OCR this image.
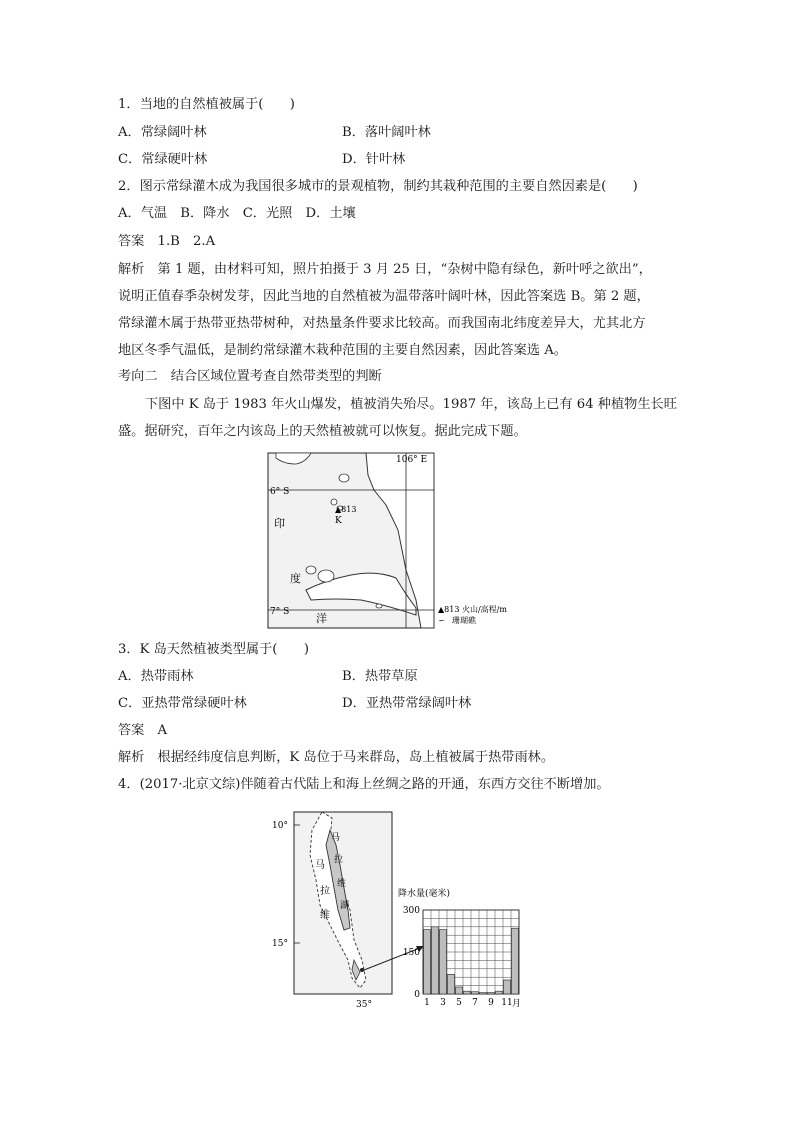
1．当地的自然植被属于(　　)
A．常绿阔叶林	B．落叶阔叶林
C．常绿硬叶林	D．针叶林
2．图示常绿灌木成为我国很多城市的景观植物，制约其栽种范围的主要自然因素是(　　)
A．气温　B．降水　C．光照　D．土壤
答案　1.B　2.A
解析　第 1 题，由材料可知，照片拍摄于 3 月 25 日，“杂树中隐有绿色，新叶呼之欲出”，
说明正值春季杂树发芽，因此当地的自然植被为温带落叶阔叶林，因此答案选 B。第 2 题，
常绿灌木属于热带亚热带树种，对热量条件要求比较高。而我国南北纬度差异大，尤其北方
地区冬季气温低，是制约常绿灌木栽种范围的主要自然因素，因此答案选 A。
考向二　结合区域位置考查自然带类型的判断
下图中 K 岛于 1983 年火山爆发，植被消失殆尽。1987 年，该岛上已有 64 种植物生长旺
盛。据研究，百年之内该岛上的天然植被就可以恢复。据此完成下题。
106° E
6° S
7° S
▲813
K
印
度
洋
▲813 火山/高程/m
∽ 珊瑚礁
3．K 岛天然植被类型属于(　　)
A．热带雨林	B．热带草原
C．亚热带常绿硬叶林	D．亚热带常绿阔叶林
答案　A
解析　根据经纬度信息判断，K 岛位于马来群岛，岛上植被属于热带雨林。
4．(2017·北京文综)伴随着古代陆上和海上丝绸之路的开通，东西方交往不断增加。
10°
15°
35°
马
拉
维
马
拉
维
湖
降水量(毫米)
300
150
0
1 3 5 7 9 11 月
